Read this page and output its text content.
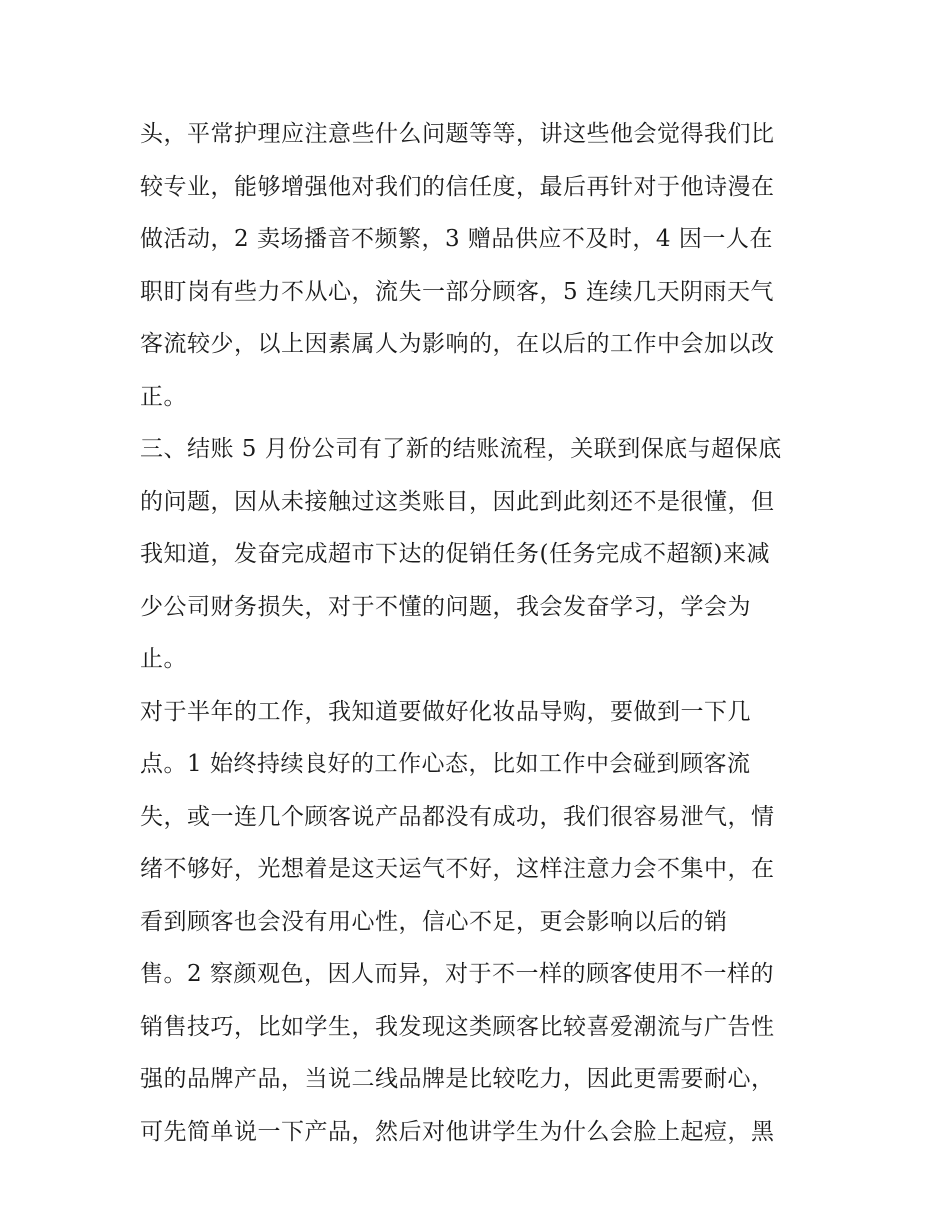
头，平常护理应注意些什么问题等等，讲这些他会觉得我们比
较专业，能够增强他对我们的信任度，最后再针对于他诗漫在
做活动，2 卖场播音不频繁，3 赠品供应不及时，4 因一人在
职盯岗有些力不从心，流失一部分顾客，5 连续几天阴雨天气
客流较少，以上因素属人为影响的，在以后的工作中会加以改
正。
三、结账 5 月份公司有了新的结账流程，关联到保底与超保底
的问题，因从未接触过这类账目，因此到此刻还不是很懂，但
我知道，发奋完成超市下达的促销任务(任务完成不超额)来减
少公司财务损失，对于不懂的问题，我会发奋学习，学会为
止。
对于半年的工作，我知道要做好化妆品导购，要做到一下几
点。1 始终持续良好的工作心态，比如工作中会碰到顾客流
失，或一连几个顾客说产品都没有成功，我们很容易泄气，情
绪不够好，光想着是这天运气不好，这样注意力会不集中，在
看到顾客也会没有用心性，信心不足，更会影响以后的销
售。2 察颜观色，因人而异，对于不一样的顾客使用不一样的
销售技巧，比如学生，我发现这类顾客比较喜爱潮流与广告性
强的品牌产品，当说二线品牌是比较吃力，因此更需要耐心，
可先简单说一下产品，然后对他讲学生为什么会脸上起痘，黑
